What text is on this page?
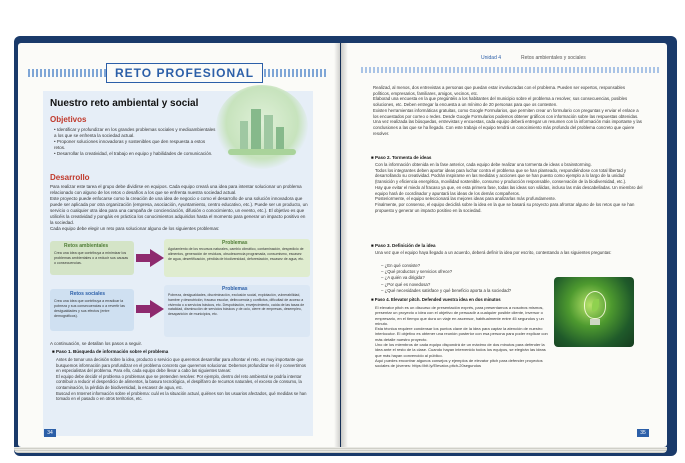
RETO PROFESIONAL
Nuestro reto ambiental y social
Objetivos
• Identificar y profundizar en los grandes problemas sociales y medioambientales a los que se enfrenta la sociedad actual.
• Proponer soluciones innovadoras y sostenibles que den respuesta a estos retos.
• Desarrollar la creatividad, el trabajo en equipo y habilidades de comunicación.
Desarrollo
Para realizar este tarea el grupo debe dividirse en equipos. Cada equipo creará una idea para intentar solucionar un problema relacionado con alguno de los retos o desafíos a los que se enfrenta nuestra sociedad actual.
Este proyecto puede enfocarse como la creación de una idea de negocio o como el desarrollo de una solución innovadora que puede ser aplicada por otra organización (empresa, asociación, Ayuntamiento, centro educativo, etc.). Puede ser un producto, un servicio o cualquier otra idea para una campaña de concienciación, difusión o conocimiento, un evento, etc.). El objetivo es que utilicéis la creatividad y pongáis en práctica los conocimientos adquiridos hasta el momento para generar un impacto positivo en la sociedad.
Cada equipo debe elegir un reto para solucionar alguno de los siguientes problemas:
Retos ambientales
Crea una idea que contribuya a minimizar los problemas ambientales o a reducir sus causas o consecuencias.
Problemas
Agotamiento de los recursos naturales, cambio climático, contaminación, despedicio de alimentos, generación de residuos, obsolescencia programada, consumismo, escasez de agua, desertificación, pérdida de biodiversidad, deforestación, escasez de agua, etc.
Retos sociales
Crea una idea que contribuya a erradicar la pobreza y sus consecuencias o a revertir las desigualdades y sus efectos (entre demográficos).
Problemas
Pobreza, desigualdades, discriminación, exclusión social, explotación, vulnerabilidad, hambre y desnutrición, fracaso escolar, delincuencia y conflictos, dificultad de acceso a vivienda o a servicios básicos, etc. Despoblación, envejecimiento, caída de las tasas de natalidad, disminución de servicios básicos y de ocio, cierre de empresas, desempleo, desaparición de municipios, etc.
A continuación, se detallan los pasos a seguir.
■ Paso 1. Búsqueda de información sobre el problema
Antes de tomar una decisión sobre la idea, producto o servicio que queremos desarrollar para afrontar el reto, es muy importante que busquemos información para profundizar en el problema concreto que queremos solucionar. Debemos profundizar en él y convertirnos en especialistas del problema. Para ello, cada equipo debe llevar a cabo las siguientes tareas:
El equipo debe decidir el problema o problemas que se pretenden resolver. Por ejemplo, dentro del reto ambiental se podría intentar contribuir a reducir el desperdicio de alimentos, la basura tecnológica, el despilfarro de recursos naturales, el exceso de consumo, la contaminación, la pérdida de biodiversidad, la escasez de agua, etc.
Buscad en Internet información sobre el problema: cuál es la situación actual, quiénes son los usuarios afectados, qué medidas se han tomado en el pasado o en otros territorios, etc.
34
Unidad 4	Retos ambientales y sociales
Realizad, al menos, dos entrevistas a personas que puedan estar involucradas con el problema. Pueden ser expertos, responsables políticos, empresarios, familiares, amigos, vecinos, etc.
Elaborad una encuesta en la que pregúntéis a los habitantes del municipio sobre el problema a resolver, sus consecuencias, posibles soluciones, etc. Deben entregar la encuesta a un mínimo de 20 personas para que os contesten.
Existen herramientas informáticas gratuitas, como Google Formularios, que permiten crear un formulario con preguntas y enviar el enlace a los encuestados por correo o redes. Desde Google Formularios podemos obtener gráficos con información sobre las respuestas obtenidas.
Una vez realizada las búsquedas, entrevistas y encuestas, cada equipo deberá entregar un resumen con la información más importante y las conclusiones a las que se ha llegado. Con este trabajo el equipo tendrá un conocimiento más profundo del problema concreto que quiere resolver.
■ Paso 2. Tormenta de ideas
Con la información obtenida en la fase anterior, cada equipo debe realizar una tormenta de ideas o brainstorming.
Todos los integrantes deben aportar ideas para luchar contra el problema que se han planteado, respondiéndose con total libertad y desarrollando su creatividad. Podrán inspirarse en las medidas y acciones que se han puesto como ejemplo a lo largo de la unidad (transición y eficiencia energética, movilidad sostenible, consumo y producción responsable, conservación de la biodiversidad, etc.).
Hay que evitar el miedo al fracaso ya que, en esta primera fase, todas las ideas son válidas, incluso las más descabelladas. Un miembro del equipo hará de coordinador y apuntará las ideas de los demás compañeros.
Posteriormente, el equipo seleccionará las mejores ideas para analizarlas más profundamente.
Finalmente, por consenso, el equipo decidirá sobre la idea en la que se basará su proyecto para afrontar alguno de los retos que se han propuesto y generar un impacto positivo en la sociedad.
■ Paso 3. Definición de la idea
Una vez que el equipo haya llegado a un acuerdo, deberá definir la idea por escrito, contestando a las siguientes preguntas:
– ¿En qué consiste?
– ¿Qué productos y servicios ofrece?
– ¿A quién va dirigida?
– ¿Por qué es novedosa?
– ¿Qué necesidades satisface y qué beneficio aporta a la sociedad?
■ Paso 4. Elevator pitch. Defended vuestra idea en dos minutos
El elevator pitch es un discurso de presentación exprés, para presentarnos a nosotros mismos, presentar un proyecto o idea con el objetivo de persuadir a cualquier posible cliente, inversor o empresario, en el tiempo que dura un viaje en ascensor, habitualmente entre 45 segundos y un minuto.
Esta técnica requiere condensar los puntos clave de la idea para captar la atención de nuestro interlocutor. El objetivo es obtener una reunión posterior con esa persona para poder explicar con más detalle nuestro proyecto.
Uno de los miembros de cada equipo dispondrá de un máximo de dos minutos para defender la idea ante el resto de la clase. Cuando hayan intervenido todos los equipos, se elegirán las ideas que más hayan convencido al público.
Aquí puedes encontrar algunos consejos y ejemplos de elevator pitch para defender proyectos sociales de jóvenes: https://bit.ly/Elevator-pitch-20segundos
35
